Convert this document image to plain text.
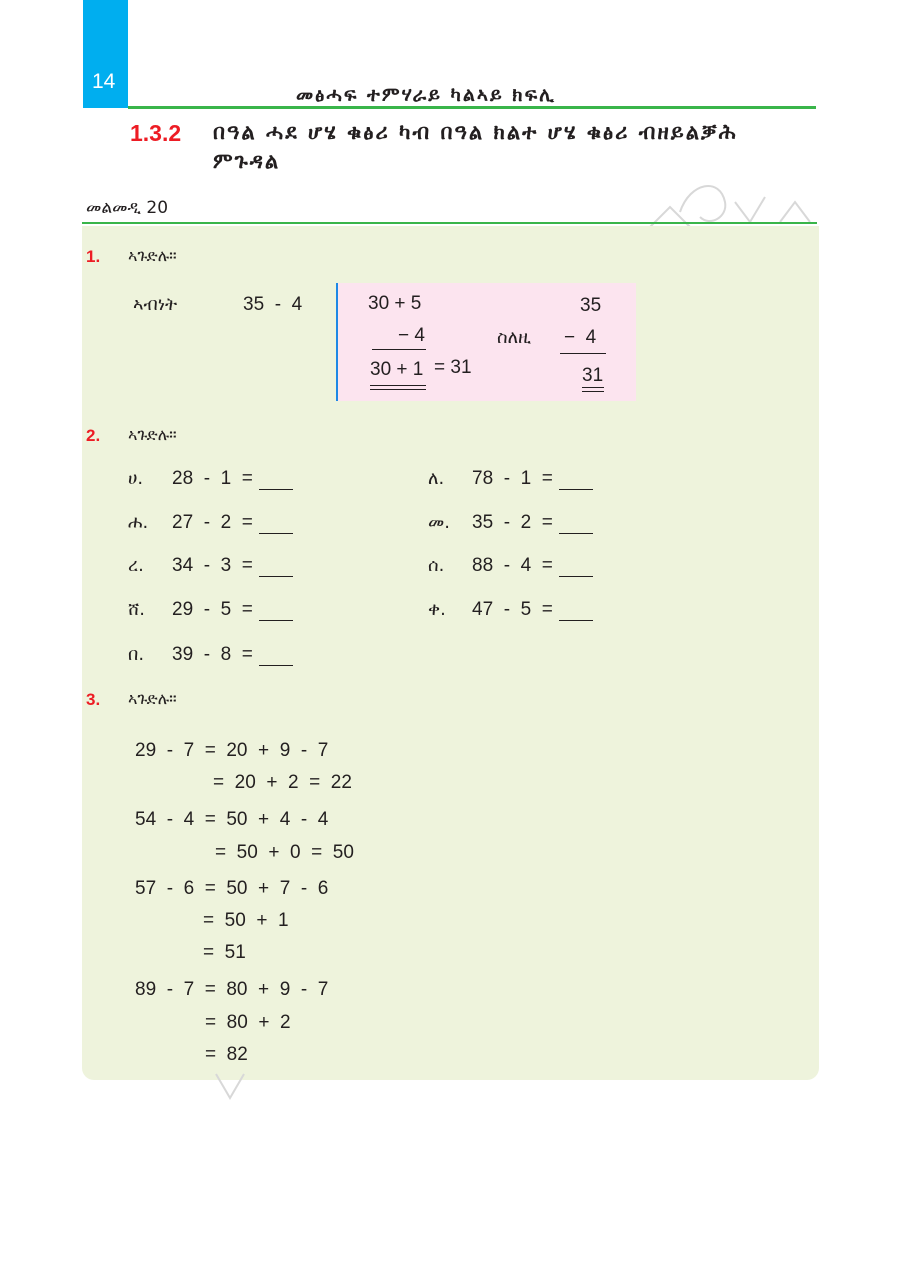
14
መፅሓፍ ተምሃራይ ካልኣይ ክፍሊ
1.3.2 በዓል ሓደ ሆሄ ቁፅሪ ካብ በዓል ክልተ ሆሄ ቁፅሪ ብዘይልቓሕ ምጉዳል
መልመዲ 20
1. ኣጉድሉ።
ኣብነት	35  -  4	30 + 5
− 4
30 + 1 = 31
35
−  4
31
ስለዚ
2. ኣጉድሉ።
ሀ. 28  -  1  =	ለ. 78  -  1  =
ሐ. 27  -  2  =	መ. 35  -  2  =
ረ. 34  -  3  =	ሰ. 88  -  4  =
ሸ. 29  -  5  =	ቀ. 47  -  5  =
በ. 39  -  8  =
3. ኣጉድሉ።
29  -  7  =  20  +  9  -  7
=  20  +  2  =  22
54  -  4  =  50  +  4  -  4
=  50  +  0  =  50
57  -  6  =  50  +  7  -  6
=  50  +  1
=  51
89  -  7  =  80  +  9  -  7
=  80  +  2
=  82
